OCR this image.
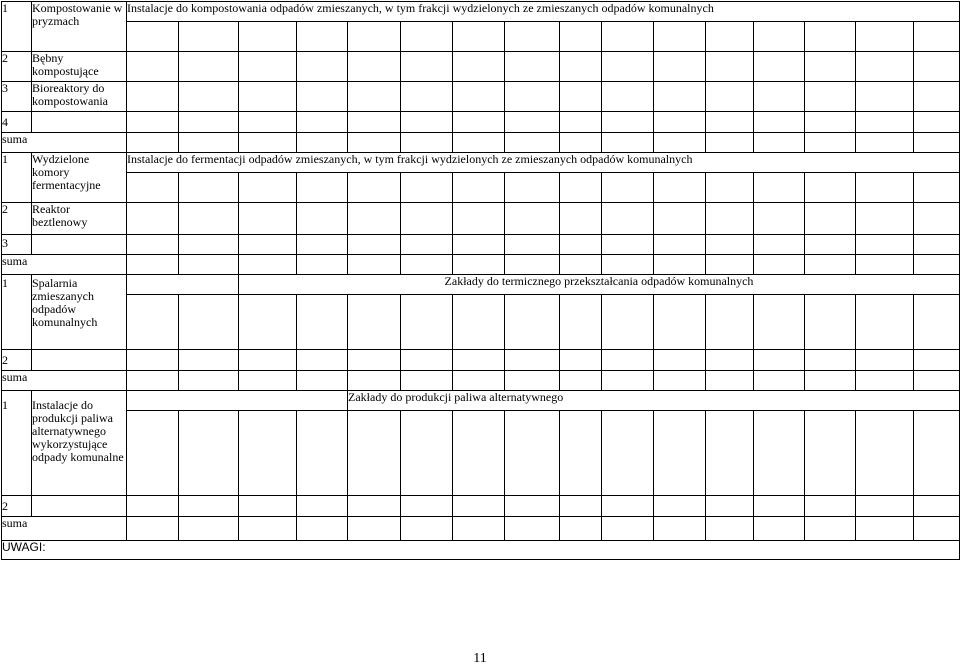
1	Kompostowanie w pryzmach	Instalacje do kompostowania odpadów zmieszanych, w tym frakcji wydzielonych ze zmieszanych odpadów komunalnych															

2	Bębny kompostujące																
3	Bioreaktory do kompostowania																
4																	
suma																	
1	Wydzielone komory fermentacyjne	Instalacje do fermentacji odpadów zmieszanych, w tym frakcji wydzielonych ze zmieszanych odpadów komunalnych															

2	Reaktor beztlenowy																
3																	
suma																	
1	Spalarnia zmieszanych odpadów komunalnych			Zakłady do termicznego przekształcania odpadów komunalnych													

2																	
suma																	
1	Instalacje do produkcji paliwa alternatywnego wykorzystujące odpady komunalne					Zakłady do produkcji paliwa alternatywnego											

2																	
suma																	
UWAGI:																	
11
